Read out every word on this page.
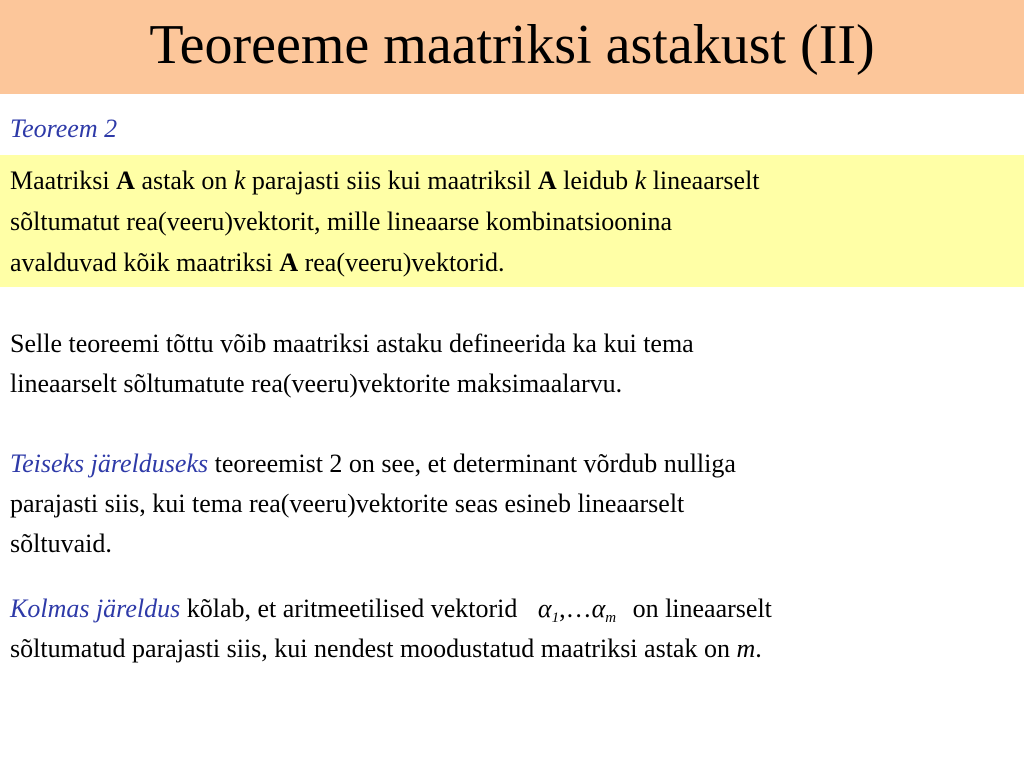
Teoreeme maatriksi astakust (II)
Teoreem 2
Maatriksi A astak on k parajasti siis kui maatriksil A leidub k lineaarselt
sõltumatut rea(veeru)vektorit, mille lineaarse kombinatsioonina
avalduvad kõik maatriksi A rea(veeru)vektorid.
Selle teoreemi tõttu võib maatriksi astaku defineerida ka kui tema
lineaarselt sõltumatute rea(veeru)vektorite maksimaalarvu.
Teiseks järelduseks teoreemist 2 on see, et determinant võrdub nulliga
parajasti siis, kui tema rea(veeru)vektorite seas esineb lineaarselt
sõltuvaid.
Kolmas järeldus kõlab, et aritmeetilised vektorid $\alpha_1,\dots\alpha_m$ on lineaarselt
sõltumatud parajasti siis, kui nendest moodustatud maatriksi astak on m.
